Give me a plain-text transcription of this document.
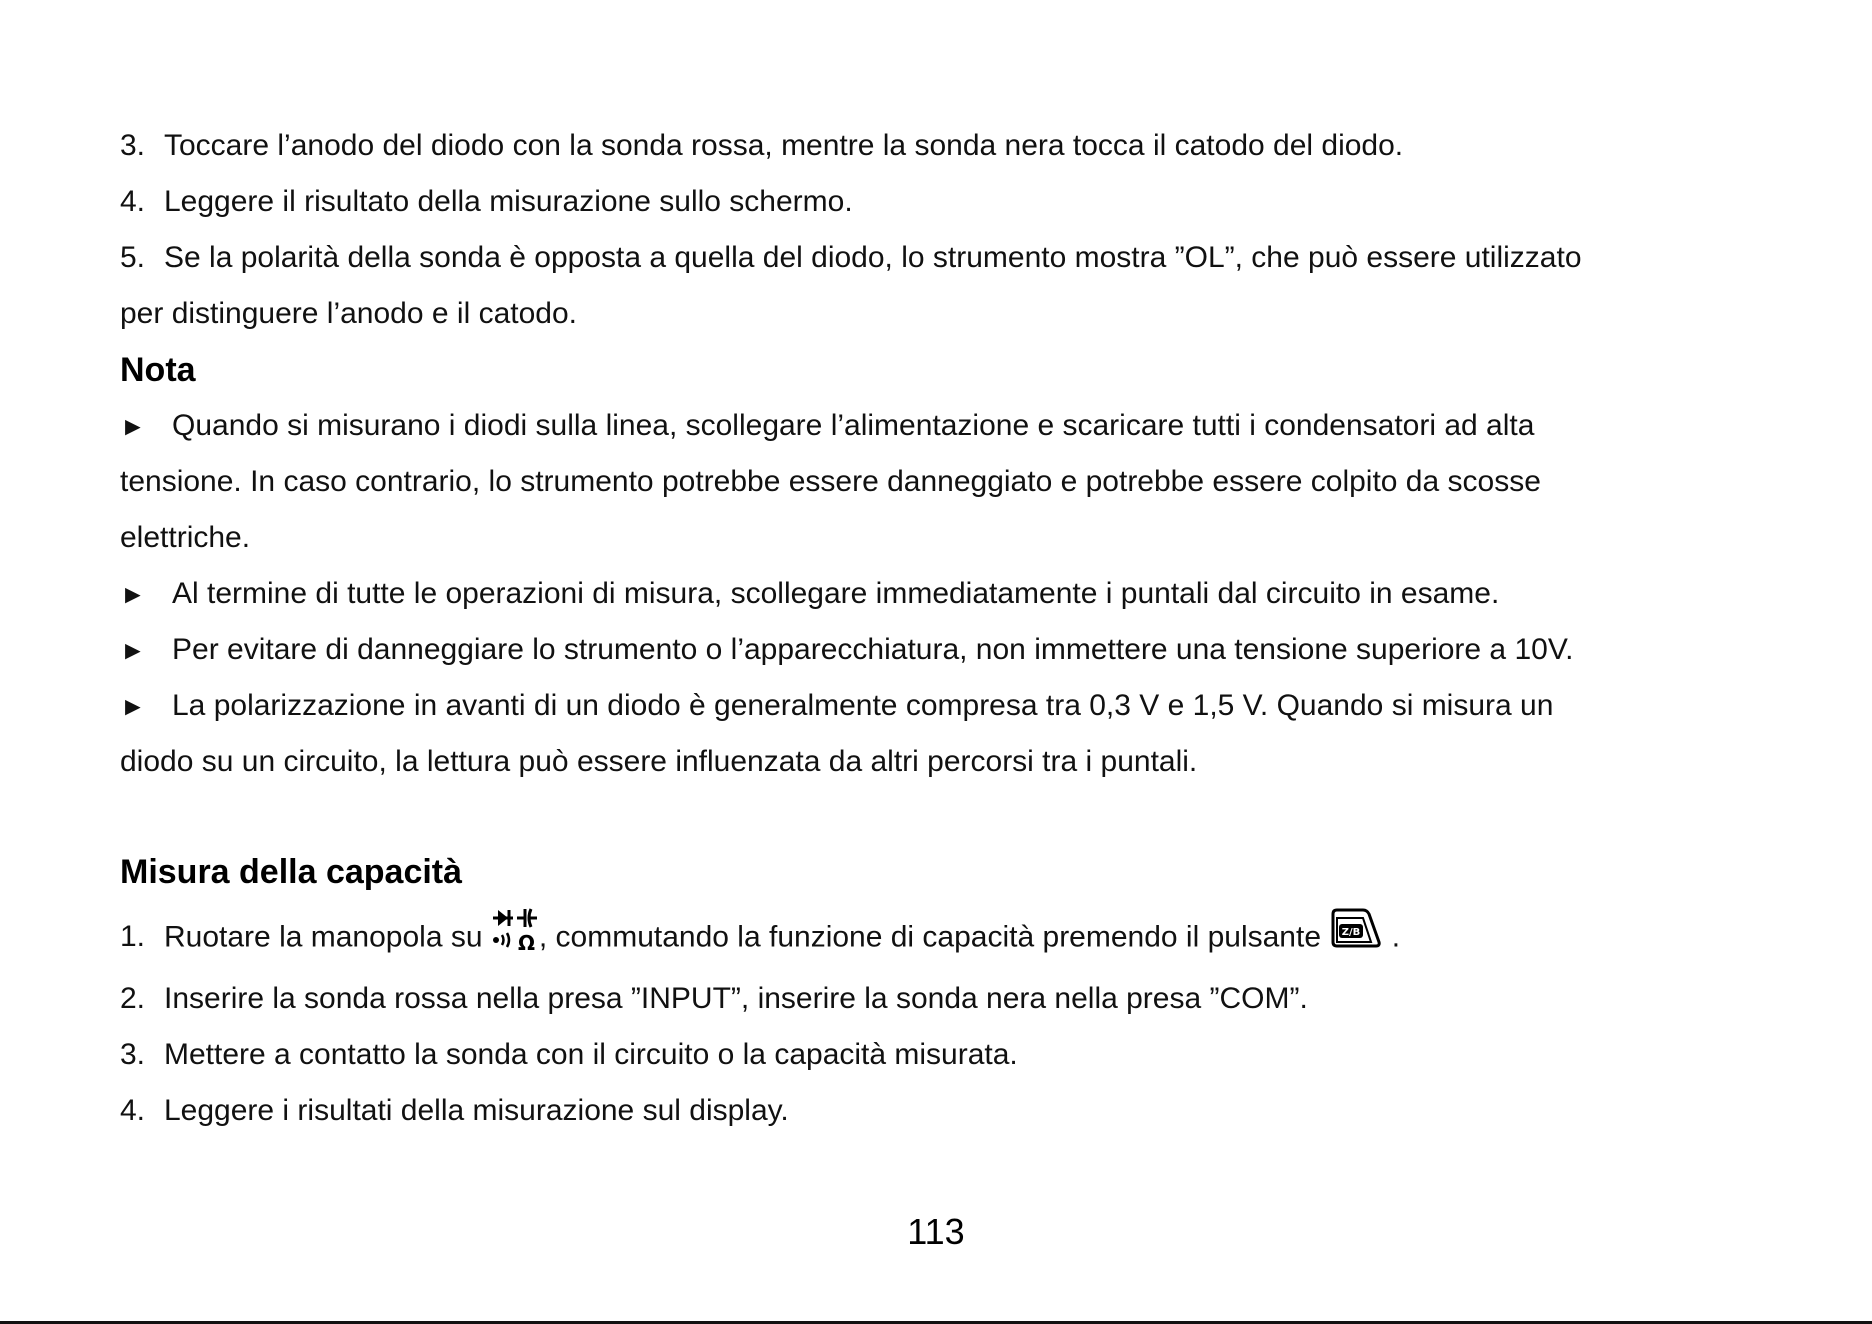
3. Toccare l’anodo del diodo con la sonda rossa, mentre la sonda nera tocca il catodo del diodo.

4. Leggere il risultato della misurazione sullo schermo.

5. Se la polarità della sonda è opposta a quella del diodo, lo strumento mostra ”OL”, che può essere utilizzato

per distinguere l’anodo e il catodo.

Nota

► Quando si misurano i diodi sulla linea, scollegare l’alimentazione e scaricare tutti i condensatori ad alta

tensione. In caso contrario, lo strumento potrebbe essere danneggiato e potrebbe essere colpito da scosse

elettriche.

► Al termine di tutte le operazioni di misura, scollegare immediatamente i puntali dal circuito in esame.

► Per evitare di danneggiare lo strumento o l’apparecchiatura, non immettere una tensione superiore a 10V.

► La polarizzazione in avanti di un diodo è generalmente compresa tra 0,3 V e 1,5 V. Quando si misura un

diodo su un circuito, la lettura può essere influenzata da altri percorsi tra i puntali.

Misura della capacità

1. Ruotare la manopola su Ω , commutando la funzione di capacità premendo il pulsante Z/B .

2. Inserire la sonda rossa nella presa ”INPUT”, inserire la sonda nera nella presa ”COM”.

3. Mettere a contatto la sonda con il circuito o la capacità misurata.

4. Leggere i risultati della misurazione sul display.

113
